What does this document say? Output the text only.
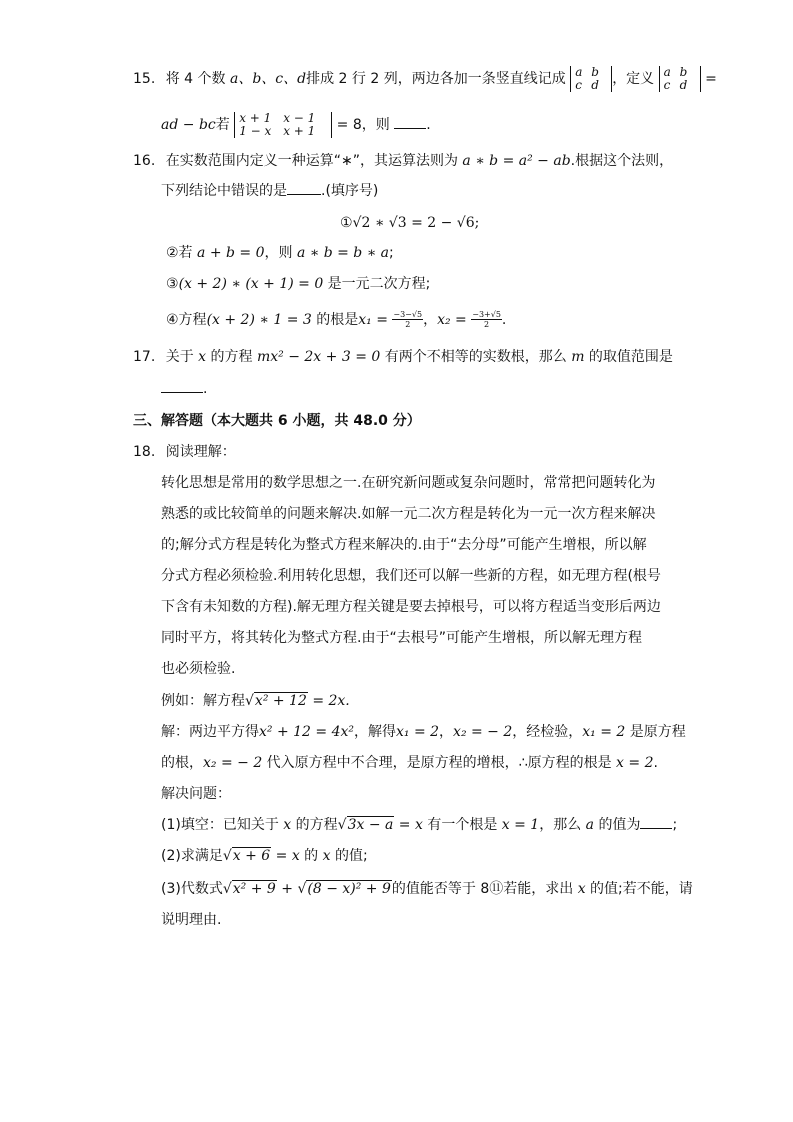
15. 将 4 个数 a、b、c、d排成 2 行 2 列，两边各加一条竖直线记成 a b
c d ，定义 a b
c d =
ad − bc若 x + 1 x − 1
1 − x x + 1 = 8，则	.
16. 在实数范围内定义一种运算“∗”，其运算法则为 a ∗ b = a² − ab.根据这个法则，
下列结论中错误的是 .(填序号)
①√2 ∗ √3 = 2 − √6;
②若 a + b = 0，则 a ∗ b = b ∗ a;
③(x + 2) ∗ (x + 1) = 0 是一元二次方程;
④方程(x + 2) ∗ 1 = 3 的根是$x_1 = \frac{-3-√5}{2}$，$x_2 = \frac{-3+√5}{2}$.
17. 关于 x 的方程 mx² − 2x + 3 = 0 有两个不相等的实数根，那么 m 的取值范围是
.
三、解答题（本大题共 6 小题，共 48.0 分）
18. 阅读理解：
转化思想是常用的数学思想之一.在研究新问题或复杂问题时，常常把问题转化为
熟悉的或比较简单的问题来解决.如解一元二次方程是转化为一元一次方程来解决
的;解分式方程是转化为整式方程来解决的.由于“去分母”可能产生增根，所以解
分式方程必须检验.利用转化思想，我们还可以解一些新的方程，如无理方程(根号
下含有未知数的方程).解无理方程关键是要去掉根号，可以将方程适当变形后两边
同时平方，将其转化为整式方程.由于“去根号”可能产生增根，所以解无理方程
也必须检验.
例如：解方程√x² + 12 = 2x.
解：两边平方得x² + 12 = 4x²，解得x₁ = 2，x₂ = − 2，经检验，x₁ = 2 是原方程
的根，x₂ = − 2 代入原方程中不合理，是原方程的增根，∴原方程的根是 x = 2.
解决问题：
(1)填空：已知关于 x 的方程√3x − a = x 有一个根是 x = 1，那么 a 的值为 ;
(2)求满足√x + 6 = x 的 x 的值;
(3)代数式√x² + 9 + √(8 − x)² + 9的值能否等于 8⑪若能，求出 x 的值;若不能，请
说明理由.
